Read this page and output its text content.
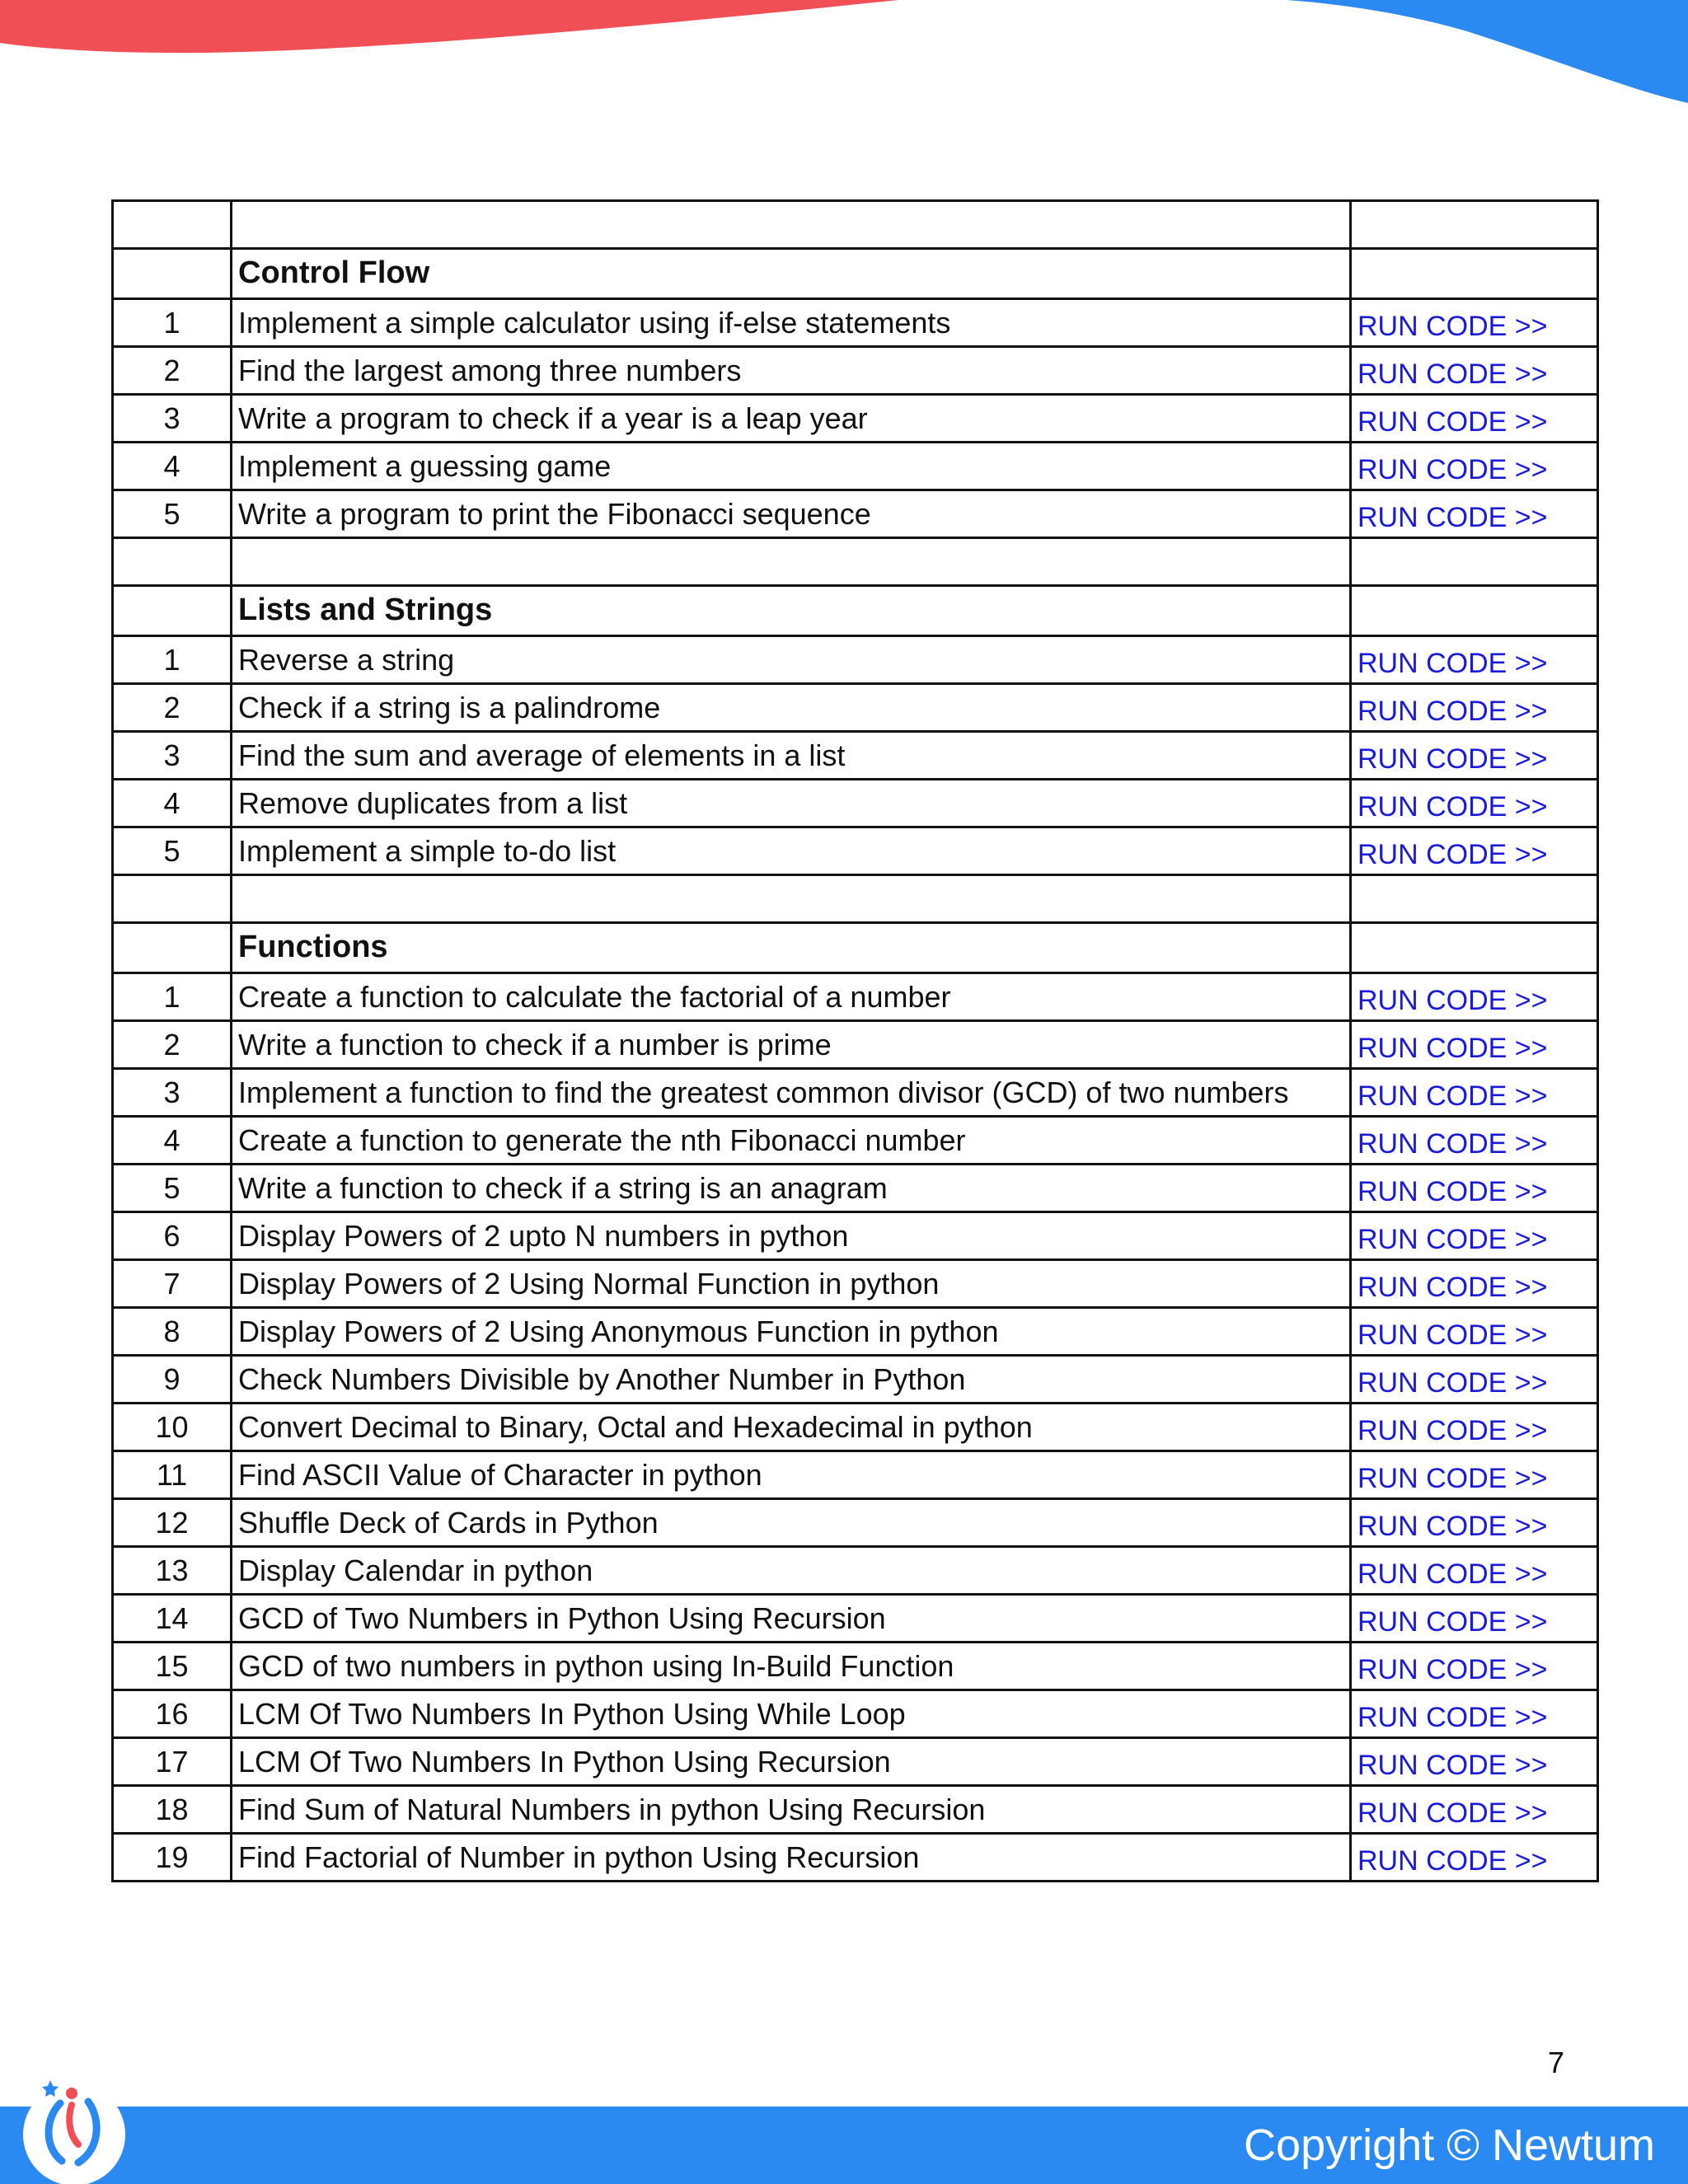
	Control Flow	
1	Implement a simple calculator using if-else statements	RUN CODE >>
2	Find the largest among three numbers	RUN CODE >>
3	Write a program to check if a year is a leap year	RUN CODE >>
4	Implement a guessing game	RUN CODE >>
5	Write a program to print the Fibonacci sequence	RUN CODE >>

	Lists and Strings	
1	Reverse a string	RUN CODE >>
2	Check if a string is a palindrome	RUN CODE >>
3	Find the sum and average of elements in a list	RUN CODE >>
4	Remove duplicates from a list	RUN CODE >>
5	Implement a simple to-do list	RUN CODE >>

	Functions	
1	Create a function to calculate the factorial of a number	RUN CODE >>
2	Write a function to check if a number is prime	RUN CODE >>
3	Implement a function to find the greatest common divisor (GCD) of two numbers	RUN CODE >>
4	Create a function to generate the nth Fibonacci number	RUN CODE >>
5	Write a function to check if a string is an anagram	RUN CODE >>
6	Display Powers of 2 upto N numbers in python	RUN CODE >>
7	Display Powers of 2 Using Normal Function in python	RUN CODE >>
8	Display Powers of 2 Using Anonymous Function in python	RUN CODE >>
9	Check Numbers Divisible by Another Number in Python	RUN CODE >>
10	Convert Decimal to Binary, Octal and Hexadecimal in python	RUN CODE >>
11	Find ASCII Value of Character in python	RUN CODE >>
12	Shuffle Deck of Cards in Python	RUN CODE >>
13	Display Calendar in python	RUN CODE >>
14	GCD of Two Numbers in Python Using Recursion	RUN CODE >>
15	GCD of two numbers in python using In-Build Function	RUN CODE >>
16	LCM Of Two Numbers In Python Using While Loop	RUN CODE >>
17	LCM Of Two Numbers In Python Using Recursion	RUN CODE >>
18	Find Sum of Natural Numbers in python Using Recursion	RUN CODE >>
19	Find Factorial of Number in python Using Recursion	RUN CODE >>
7
Copyright © Newtum
